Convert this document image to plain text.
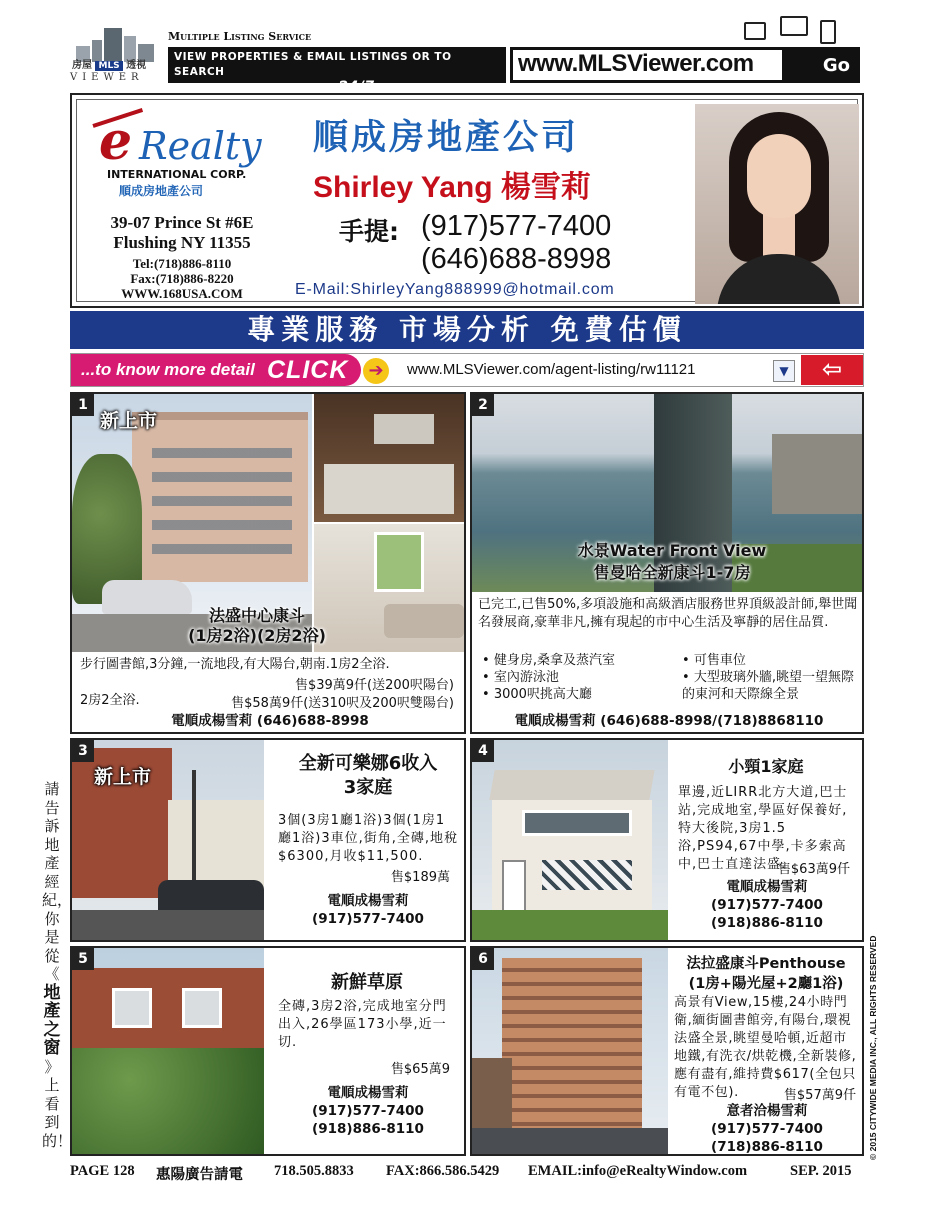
房屋 MLS 透視
VIEWER
Multiple Listing Service
VIEW PROPERTIES & EMAIL LISTINGS OR TO SEARCH
ANY SERVICE PROVIDERS 24/7 A DAY, 365 DAYS
www.MLSViewer.com	Go
e Realty
INTERNATIONAL CORP.
順成房地產公司
39-07 Prince St #6E
Flushing NY 11355
Tel:(718)886-8110
Fax:(718)886-8220
WWW.168USA.COM
順成房地產公司
Shirley Yang 楊雪莉
手提: (917)577-7400
(646)688-8998
E-Mail:ShirleyYang888999@hotmail.com
專業服務 市場分析 免費估價
...to know more detail CLICK	➔	www.MLSViewer.com/agent-listing/rw11121	▼	⇦
1
新上市
法盛中心康斗
(1房2浴)(2房2浴)
步行圖書館,3分鐘,一流地段,有大陽台,朝南.1房2全浴.
售$39萬9仟(送200呎陽台)
2房2全浴.	售$58萬9仟(送310呎及200呎雙陽台)
電順成楊雪莉 (646)688-8998
2
水景Water Front View
售曼哈全新康斗1-7房
已完工,已售50%,多項設施和高級酒店服務世界頂級設計師,舉世聞名發展商,豪華非凡,擁有現起的市中心生活及寧靜的居住品質.
• 健身房,桑拿及蒸汽室
• 室內游泳池
• 3000呎挑高大廳
• 可售車位
• 大型玻璃外牆,眺望一望無際的東河和天際線全景
電順成楊雪莉 (646)688-8998/(718)8868110
3
新上市
全新可樂娜6收入
3家庭
3個(3房1廳1浴)3個(1房1廳1浴)3車位,街角,全磚,地稅$6300,月收$11,500.
售$189萬
電順成楊雪莉
(917)577-7400
4
小頸1家庭
單邊,近LIRR北方大道,巴士站,完成地室,學區好保養好,特大後院,3房1.5浴,PS94,67中學,卡多索高中,巴士直達法盛.
售$63萬9仟
電順成楊雪莉
(917)577-7400
(918)886-8110
5
新鮮草原
全磚,3房2浴,完成地室分門出入,26學區173小學,近一切.
售$65萬9
電順成楊雪莉
(917)577-7400
(918)886-8110
6	法拉盛康斗Penthouse
(1房+陽光屋+2廳1浴)
高景有View,15樓,24小時門衛,緬街圖書館旁,有陽台,環視法盛全景,眺望曼哈頓,近超市地鐵,有洗衣/烘乾機,全新裝修,應有盡有,維持費$617(全包只有電不包).	售$57萬9仟
意者洽楊雪莉
(917)577-7400
(718)886-8110
請告訴地產經紀，你是從 《 地產之窗 》 上看到的！	© 2015 CITYWIDE MEDIA INC., ALL RIGHTS RESERVED
PAGE 128 惠陽廣告請電 718.505.8833 FAX:866.586.5429 EMAIL:info@eRealtyWindow.com	SEP. 2015
